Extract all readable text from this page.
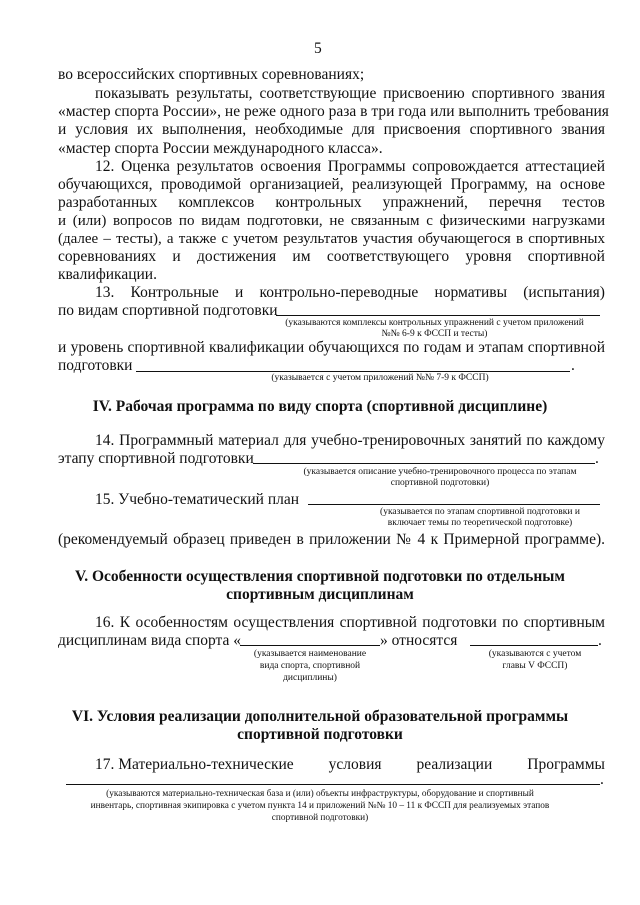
5
во всероссийских спортивных соревнованиях;
показывать результаты, соответствующие присвоению спортивного звания
«мастер спорта России», не реже одного раза в три года или выполнить требования
и условия их выполнения, необходимые для присвоения спортивного звания
«мастер спорта России международного класса».
12. Оценка результатов освоения Программы сопровождается аттестацией
обучающихся, проводимой организацией, реализующей Программу, на основе
разработанных комплексов контрольных упражнений, перечня тестов
и (или) вопросов по видам подготовки, не связанным с физическими нагрузками
(далее – тесты), а также с учетом результатов участия обучающегося в спортивных
соревнованиях и достижения им соответствующего уровня спортивной
квалификации.
13. Контрольные и контрольно-переводные нормативы (испытания)
по видам спортивной подготовки
(указываются комплексы контрольных упражнений с учетом приложений
№№ 6-9 к ФССП и тесты)
и уровень спортивной квалификации обучающихся по годам и этапам спортивной
подготовки	.
(указывается с учетом приложений №№ 7-9 к ФССП)
IV. Рабочая программа по виду спорта (спортивной дисциплине)
14. Программный материал для учебно-тренировочных занятий по каждому
этапу спортивной подготовки	.
(указывается описание учебно-тренировочного процесса по этапам
спортивной подготовки)
15. Учебно-тематический план
(указывается по этапам спортивной подготовки и
включает темы по теоретической подготовке)
(рекомендуемый образец приведен в приложении № 4 к Примерной программе).
V. Особенности осуществления спортивной подготовки по отдельным
спортивным дисциплинам
16. К особенностям осуществления спортивной подготовки по спортивным
дисциплинам вида спорта «	» относятся	.
(указывается наименование
вида спорта, спортивной
дисциплины)
(указываются с учетом
главы V ФССП)
VI. Условия реализации дополнительной образовательной программы
спортивной подготовки
17. Материально-технические условия реализации Программы
.
(указываются материально-техническая база и (или) объекты инфраструктуры, оборудование и спортивный
инвентарь, спортивная экипировка с учетом пункта 14 и приложений №№ 10 – 11 к ФССП для реализуемых этапов
спортивной подготовки)
